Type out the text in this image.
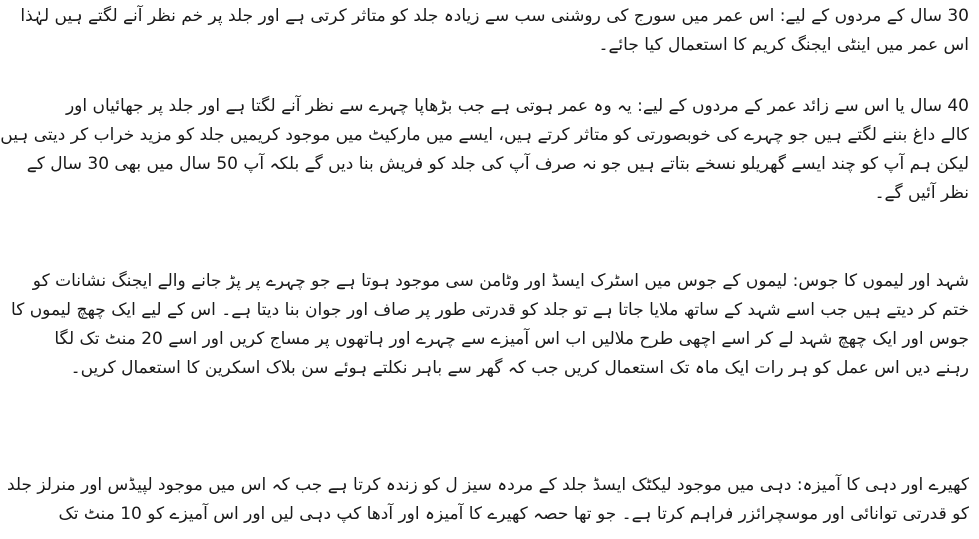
30 سال کے مردوں کے لیے: اس عمر میں سورج کی روشنی سب سے زیادہ جلد کو متاثر کرتی ہے اور جلد پر خم نظر آنے لگتے ہیں لہٰذا
اس عمر میں اینٹی ایجنگ کریم کا استعمال کیا جائے۔
40 سال یا اس سے زائد عمر کے مردوں کے لیے: یہ وہ عمر ہوتی ہے جب بڑھاپا چہرے سے نظر آنے لگتا ہے اور جلد پر جھائیاں اور
کالے داغ بننے لگتے ہیں جو چہرے کی خوبصورتی کو متاثر کرتے ہیں، ایسے میں مارکیٹ میں موجود کریمیں جلد کو مزید خراب کر دیتی ہیں
لیکن ہم آپ کو چند ایسے گھریلو نسخے بتاتے ہیں جو نہ صرف آپ کی جلد کو فریش بنا دیں گے بلکہ آپ 50 سال میں بھی 30 سال کے
نظر آئیں گے۔
شہد اور لیموں کا جوس: لیموں کے جوس میں اسٹرک ایسڈ اور وٹامن سی موجود ہوتا ہے جو چہرے پر پڑ جانے والے ایجنگ نشانات کو
ختم کر دیتے ہیں جب اسے شہد کے ساتھ ملایا جاتا ہے تو جلد کو قدرتی طور پر صاف اور جوان بنا دیتا ہے۔ اس کے لیے ایک چھچ لیموں کا
جوس اور ایک چھچ شہد لے کر اسے اچھی طرح ملالیں اب اس آمیزے سے چہرے اور ہاتھوں پر مساج کریں اور اسے 20 منٹ تک لگا
رہنے دیں اس عمل کو ہر رات ایک ماہ تک استعمال کریں جب کہ گھر سے باہر نکلتے ہوئے سن بلاک اسکرین کا استعمال کریں۔
کھیرے اور دہی کا آمیزہ: دہی میں موجود لیکٹک ایسڈ جلد کے مردہ سیز ل کو زندہ کرتا ہے جب کہ اس میں موجود لپیڈس اور منرلز جلد
کو قدرتی توانائی اور موسچرائزر فراہم کرتا ہے۔ جو تھا حصہ کھیرے کا آمیزہ اور آدھا کپ دہی لیں اور اس آمیزے کو 10 منٹ تک
